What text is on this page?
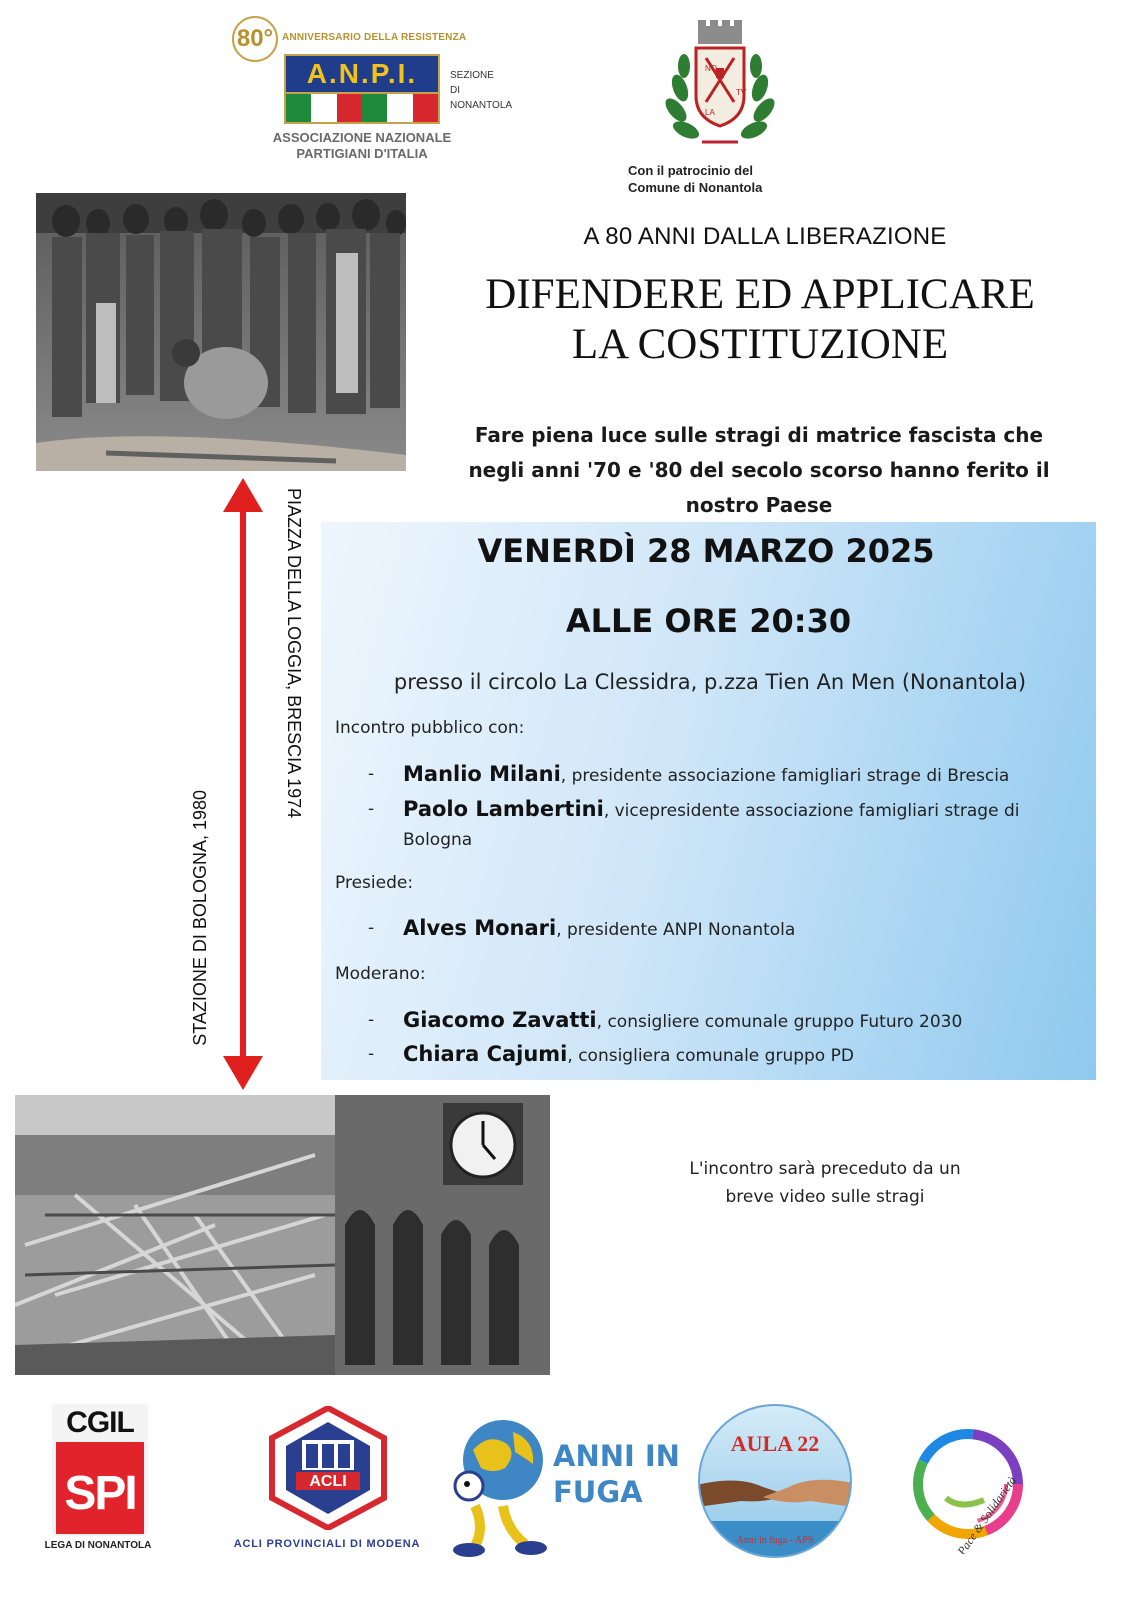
80° ANNIVERSARIO DELLA RESISTENZA
A.N.P.I.
ASSOCIAZIONE NAZIONALE
PARTIGIANI D'ITALIA
SEZIONE
DI
NONANTOLA
NO
TV
LA
Con il patrocinio del
Comune di Nonantola
A 80 ANNI DALLA LIBERAZIONE
DIFENDERE ED APPLICARE
LA COSTITUZIONE
Fare piena luce sulle stragi di matrice fascista che
negli anni '70 e '80 del secolo scorso hanno ferito il
nostro Paese
PIAZZA DELLA LOGGIA, BRESCIA 1974
STAZIONE DI BOLOGNA, 1980
VENERDÌ 28 MARZO 2025
ALLE ORE 20:30
presso il circolo La Clessidra, p.zza Tien An Men (Nonantola)
Incontro pubblico con:
- Manlio Milani, presidente associazione famigliari strage di Brescia
- Paolo Lambertini, vicepresidente associazione famigliari strage di Bologna
Presiede:
- Alves Monari, presidente ANPI Nonantola
Moderano:
- Giacomo Zavatti, consigliere comunale gruppo Futuro 2030
- Chiara Cajumi, consigliera comunale gruppo PD
L'incontro sarà preceduto da un
breve video sulle stragi
CGIL
SPI
LEGA DI NONANTOLA
ACLI
ACLI PROVINCIALI DI MODENA
ANNI IN
FUGA
AULA 22
Anni in fuga - APS	Pace & Solidarietà
